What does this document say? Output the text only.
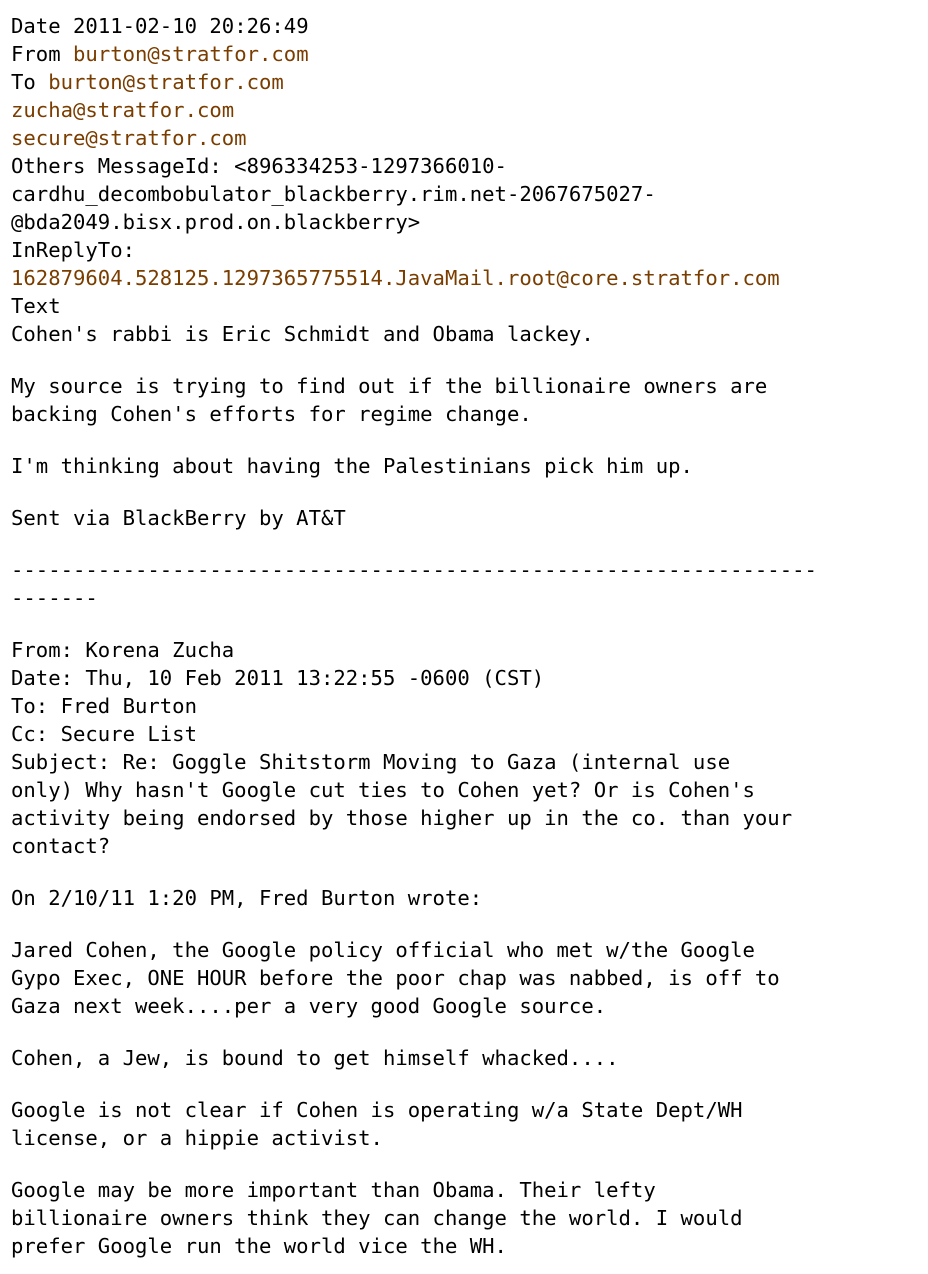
Date 2011-02-10 20:26:49
From burton@stratfor.com
To burton@stratfor.com
zucha@stratfor.com
secure@stratfor.com
Others MessageId: <896334253-1297366010-
cardhu_decombobulator_blackberry.rim.net-2067675027-
@bda2049.bisx.prod.on.blackberry>
InReplyTo:
162879604.528125.1297365775514.JavaMail.root@core.stratfor.com
Text
Cohen's rabbi is Eric Schmidt and Obama lackey.
My source is trying to find out if the billionaire owners are
backing Cohen's efforts for regime change.
I'm thinking about having the Palestinians pick him up.
Sent via BlackBerry by AT&T
-----------------------------------------------------------------
-------
From: Korena Zucha
Date: Thu, 10 Feb 2011 13:22:55 -0600 (CST)
To: Fred Burton
Cc: Secure List
Subject: Re: Goggle Shitstorm Moving to Gaza (internal use
only) Why hasn't Google cut ties to Cohen yet? Or is Cohen's
activity being endorsed by those higher up in the co. than your
contact?
On 2/10/11 1:20 PM, Fred Burton wrote:
Jared Cohen, the Google policy official who met w/the Google
Gypo Exec, ONE HOUR before the poor chap was nabbed, is off to
Gaza next week....per a very good Google source.
Cohen, a Jew, is bound to get himself whacked....
Google is not clear if Cohen is operating w/a State Dept/WH
license, or a hippie activist.
Google may be more important than Obama. Their lefty
billionaire owners think they can change the world. I would
prefer Google run the world vice the WH.
